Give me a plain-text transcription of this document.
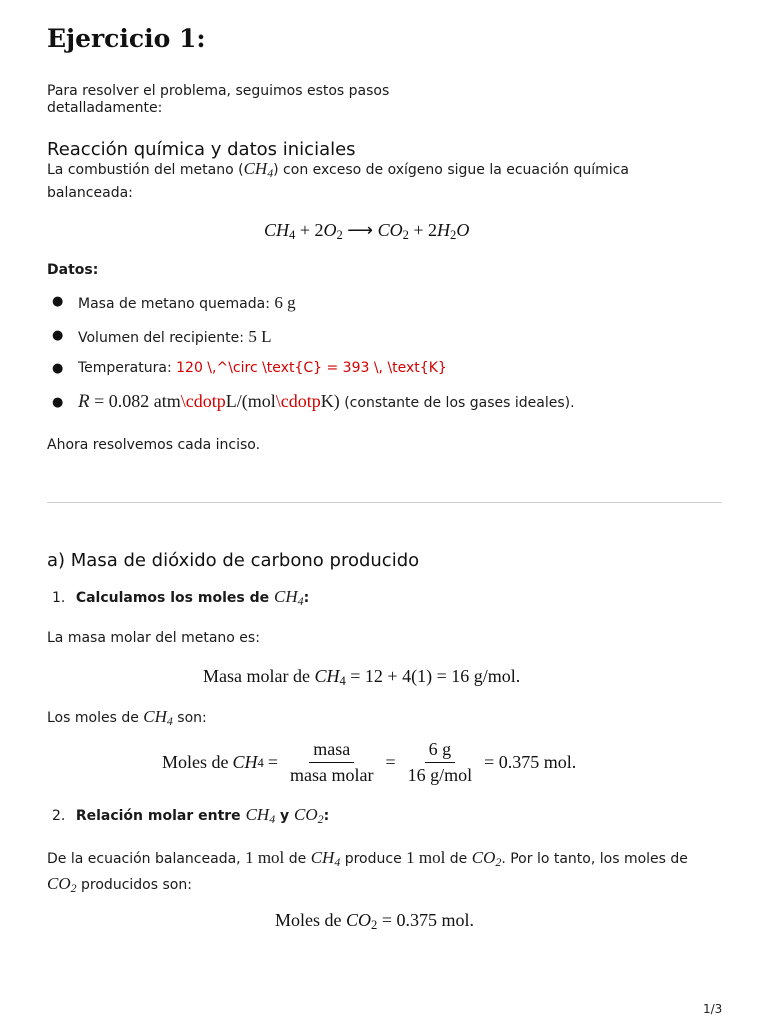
Ejercicio 1:
Para resolver el problema, seguimos estos pasos
detalladamente:
Reacción química y datos iniciales
La combustión del metano $(CH_4)$ con exceso de oxígeno sigue la ecuación química
balanceada:
$CH_4 + 2O_2$ ⟶ $CO_2 + 2H_2O$
Datos:
● Masa de metano quemada: 6 g
● Volumen del recipiente: 5 L
● Temperatura: 120 \,^\circ \text{C} = 393 \, \text{K}
● R = 0.082 atm\cdotpL/(mol\cdotpK) (constante de los gases ideales).
Ahora resolvemos cada inciso.
a) Masa de dióxido de carbono producido
1. Calculamos los moles de $CH_4$:
La masa molar del metano es:
Masa molar de $CH_4 = 12 + 4(1) = 16$ g/mol.
Los moles de $CH_4$ son:
Moles de CH $4 = \frac{\text{masa}}{\text{masa molar}} = \frac{6 g}{\text{16 g/mol}} = 0.375$ mol.
2. Relación molar entre $CH_4$ y $CO_2$:
De la ecuación balanceada, 1 mol de $CH_4$ produce 1 mol de $CO_2$. Por lo tanto, los moles de
$CO_2$ producidos son:
Moles de $CO_2 = 0.375$ mol.
1/3
